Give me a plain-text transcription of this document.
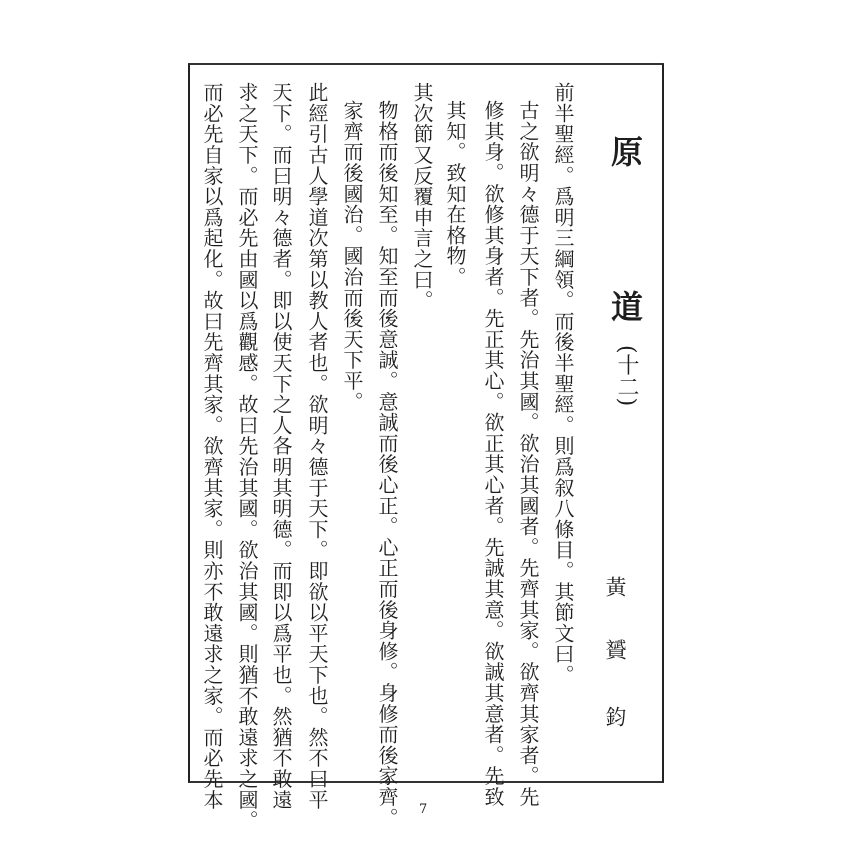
原
道
(十二)
黃
贇
鈞
前半聖經。爲明三綱領。而後半聖經。則爲叙八條目。其節文曰。
古之欲明々德于天下者。先治其國。欲治其國者。先齊其家。欲齊其家者。先
修其身。欲修其身者。先正其心。欲正其心者。先誠其意。欲誠其意者。先致
其知。致知在格物。
其次節又反覆申言之曰。
物格而後知至。知至而後意誠。意誠而後心正。心正而後身修。身修而後家齊。
家齊而後國治。國治而後天下平。
此經引古人學道次第以教人者也。欲明々德于天下。即欲以平天下也。然不曰平
天下。而曰明々德者。即以使天下之人各明其明德。而即以爲平也。然猶不敢遠
求之天下。而必先由國以爲觀感。故曰先治其國。欲治其國。則猶不敢遠求之國。
而必先自家以爲起化。故曰先齊其家。欲齊其家。則亦不敢遠求之家。而必先本	7
